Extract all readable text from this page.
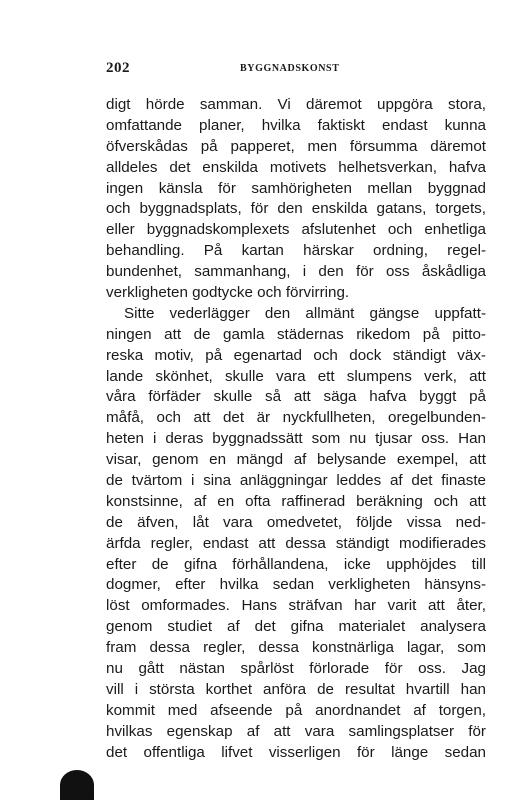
202	BYGGNADSKONST
digt hörde samman. Vi däremot uppgöra stora,
omfattande planer, hvilka faktiskt endast kunna
öfverskådas på papperet, men försumma däremot
alldeles det enskilda motivets helhetsverkan, hafva
ingen känsla för samhörigheten mellan byggnad
och byggnadsplats, för den enskilda gatans, torgets,
eller byggnadskomplexets afslutenhet och enhetliga
behandling. På kartan härskar ordning, regel-
bundenhet, sammanhang, i den för oss åskådliga
verkligheten godtycke och förvirring.
Sitte vederlägger den allmänt gängse uppfatt-
ningen att de gamla städernas rikedom på pitto-
reska motiv, på egenartad och dock ständigt väx-
lande skönhet, skulle vara ett slumpens verk, att
våra förfäder skulle så att säga hafva byggt på
måfå, och att det är nyckfullheten, oregelbunden-
heten i deras byggnadssätt som nu tjusar oss. Han
visar, genom en mängd af belysande exempel, att
de tvärtom i sina anläggningar leddes af det finaste
konstsinne, af en ofta raffinerad beräkning och att
de äfven, låt vara omedvetet, följde vissa ned-
ärfda regler, endast att dessa ständigt modifierades
efter de gifna förhållandena, icke upphöjdes till
dogmer, efter hvilka sedan verkligheten hänsyns-
löst omformades. Hans sträfvan har varit att åter,
genom studiet af det gifna materialet analysera
fram dessa regler, dessa konstnärliga lagar, som
nu gått nästan spårlöst förlorade för oss. Jag
vill i största korthet anföra de resultat hvartill han
kommit med afseende på anordnandet af torgen,
hvilkas egenskap af att vara samlingsplatser för
det offentliga lifvet visserligen för länge sedan
